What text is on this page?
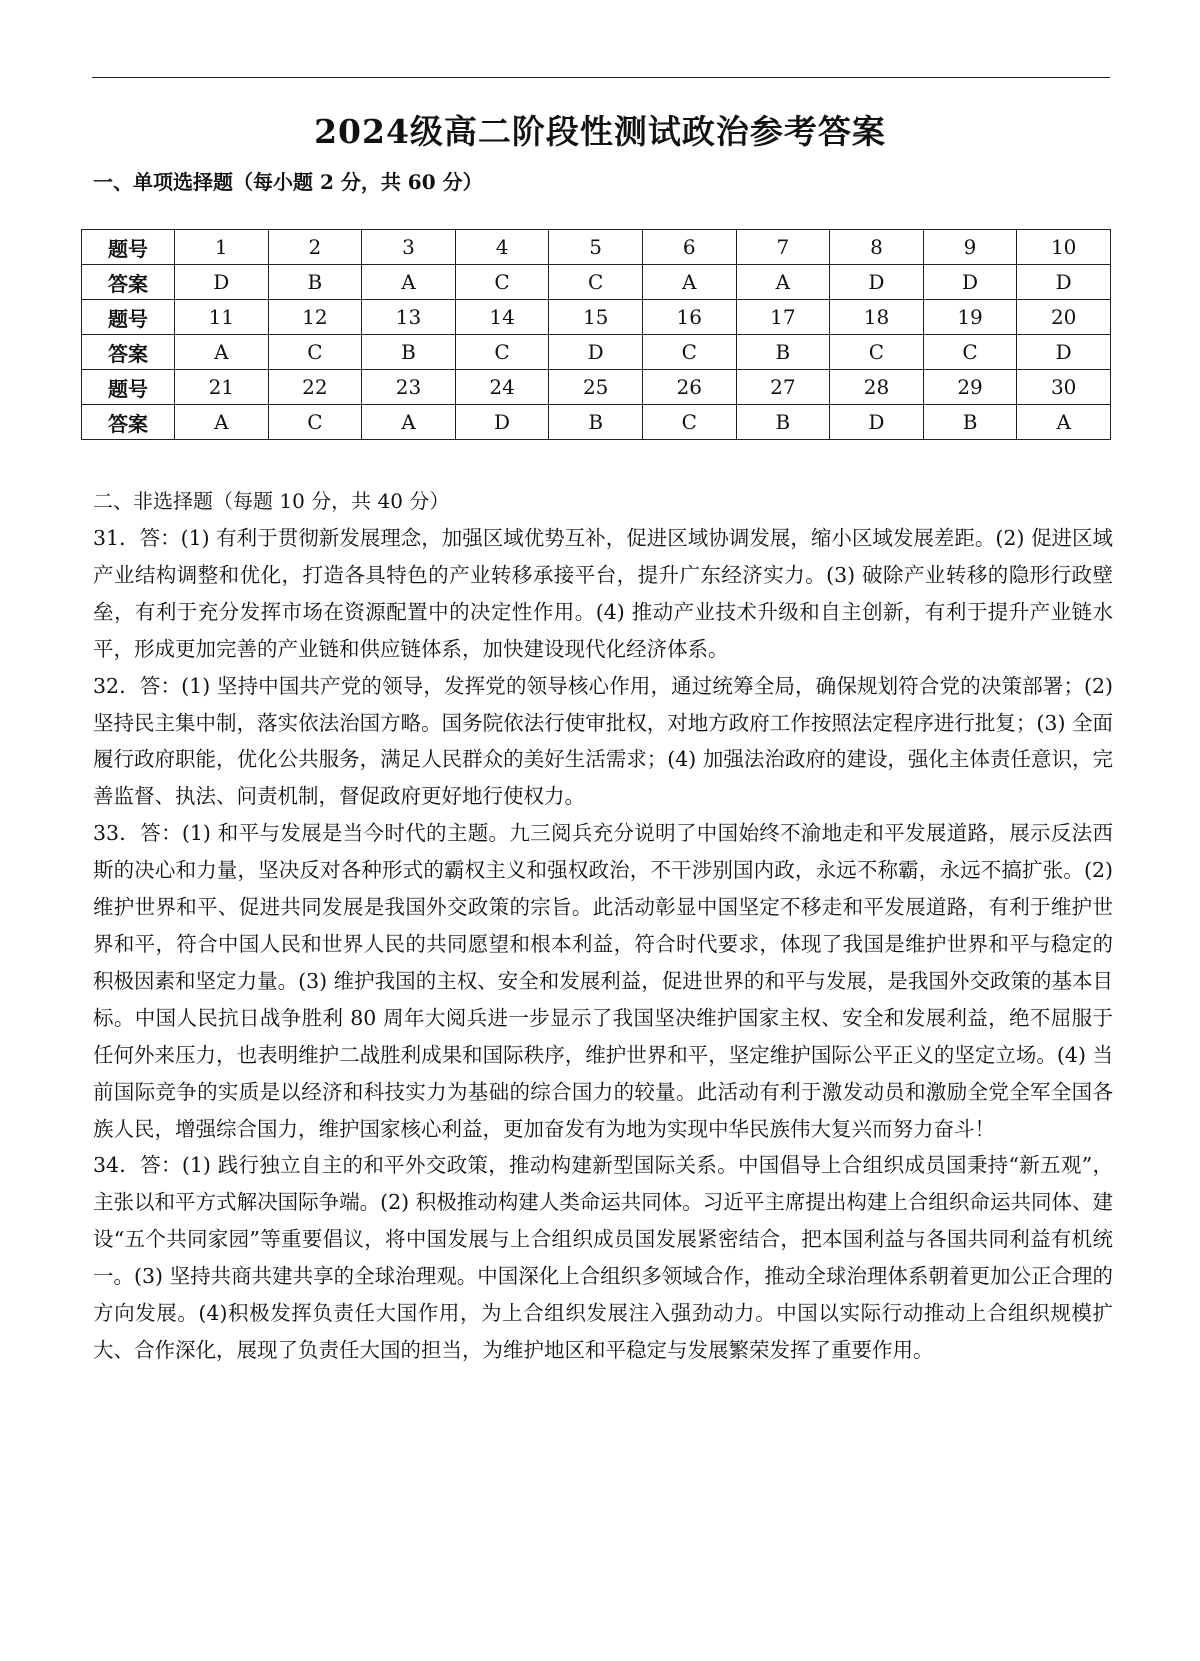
2024级高二阶段性测试政治参考答案
一、单项选择题（每小题 2 分，共 60 分）
题号	1	2	3	4	5	6	7	8	9	10
答案	D	B	A	C	C	A	A	D	D	D
题号	11	12	13	14	15	16	17	18	19	20
答案	A	C	B	C	D	C	B	C	C	D
题号	21	22	23	24	25	26	27	28	29	30
答案	A	C	A	D	B	C	B	D	B	A
二、非选择题（每题 10 分，共 40 分）

31．答：(1) 有利于贯彻新发展理念，加强区域优势互补，促进区域协调发展，缩小区域发展差距。(2) 促进区域产业结构调整和优化，打造各具特色的产业转移承接平台，提升广东经济实力。(3) 破除产业转移的隐形行政壁垒，有利于充分发挥市场在资源配置中的决定性作用。(4) 推动产业技术升级和自主创新，有利于提升产业链水平，形成更加完善的产业链和供应链体系，加快建设现代化经济体系。

32．答：(1) 坚持中国共产党的领导，发挥党的领导核心作用，通过统筹全局，确保规划符合党的决策部署；(2) 坚持民主集中制，落实依法治国方略。国务院依法行使审批权，对地方政府工作按照法定程序进行批复；(3) 全面履行政府职能，优化公共服务，满足人民群众的美好生活需求；(4) 加强法治政府的建设，强化主体责任意识，完善监督、执法、问责机制，督促政府更好地行使权力。

33．答：(1) 和平与发展是当今时代的主题。九三阅兵充分说明了中国始终不渝地走和平发展道路，展示反法西斯的决心和力量，坚决反对各种形式的霸权主义和强权政治，不干涉别国内政，永远不称霸，永远不搞扩张。(2) 维护世界和平、促进共同发展是我国外交政策的宗旨。此活动彰显中国坚定不移走和平发展道路，有利于维护世界和平，符合中国人民和世界人民的共同愿望和根本利益，符合时代要求，体现了我国是维护世界和平与稳定的积极因素和坚定力量。(3) 维护我国的主权、安全和发展利益，促进世界的和平与发展，是我国外交政策的基本目标。中国人民抗日战争胜利 80 周年大阅兵进一步显示了我国坚决维护国家主权、安全和发展利益，绝不屈服于任何外来压力，也表明维护二战胜利成果和国际秩序，维护世界和平，坚定维护国际公平正义的坚定立场。(4) 当前国际竞争的实质是以经济和科技实力为基础的综合国力的较量。此活动有利于激发动员和激励全党全军全国各族人民，增强综合国力，维护国家核心利益，更加奋发有为地为实现中华民族伟大复兴而努力奋斗！

34．答：(1) 践行独立自主的和平外交政策，推动构建新型国际关系。中国倡导上合组织成员国秉持“新五观”，主张以和平方式解决国际争端。(2) 积极推动构建人类命运共同体。习近平主席提出构建上合组织命运共同体、建设“五个共同家园”等重要倡议，将中国发展与上合组织成员国发展紧密结合，把本国利益与各国共同利益有机统一。(3) 坚持共商共建共享的全球治理观。中国深化上合组织多领域合作，推动全球治理体系朝着更加公正合理的方向发展。(4)积极发挥负责任大国作用，为上合组织发展注入强劲动力。中国以实际行动推动上合组织规模扩大、合作深化，展现了负责任大国的担当，为维护地区和平稳定与发展繁荣发挥了重要作用。
